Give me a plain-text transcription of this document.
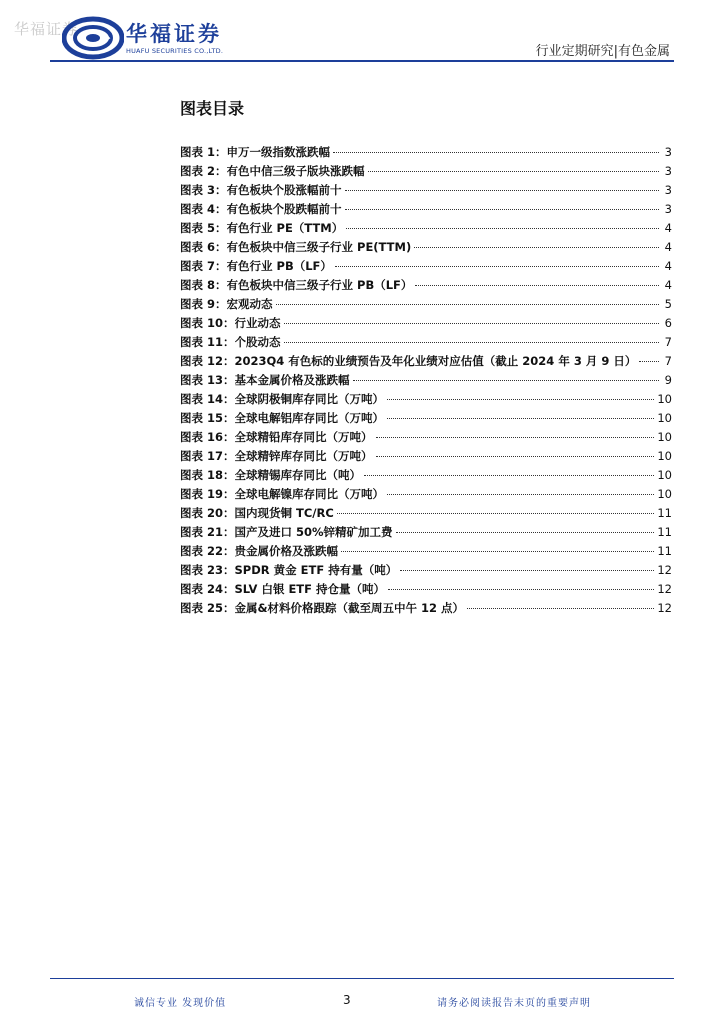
华福证券 华福证券
HUAFU SECURITIES CO.,LTD.	行业定期研究|有色金属
图表目录
图表 1： 申万一级指数涨跌幅	3
图表 2： 有色中信三级子版块涨跌幅	3
图表 3： 有色板块个股涨幅前十	3
图表 4： 有色板块个股跌幅前十	3
图表 5： 有色行业 PE（TTM）	4
图表 6： 有色板块中信三级子行业 PE(TTM)	4
图表 7： 有色行业 PB（LF）	4
图表 8： 有色板块中信三级子行业 PB（LF）	4
图表 9： 宏观动态	5
图表 10： 行业动态	6
图表 11： 个股动态	7
图表 12： 2023Q4 有色标的业绩预告及年化业绩对应估值（截止 2024 年 3 月 9 日） 7
图表 13： 基本金属价格及涨跌幅	9
图表 14： 全球阴极铜库存同比（万吨）	10
图表 15： 全球电解铝库存同比（万吨）	10
图表 16： 全球精铅库存同比（万吨）	10
图表 17： 全球精锌库存同比（万吨）	10
图表 18： 全球精锡库存同比（吨）	10
图表 19： 全球电解镍库存同比（万吨）	10
图表 20： 国内现货铜 TC/RC	11
图表 21： 国产及进口 50%锌精矿加工费	11
图表 22： 贵金属价格及涨跌幅	11
图表 23： SPDR 黄金 ETF 持有量（吨）	12
图表 24： SLV 白银 ETF 持仓量（吨）	12
图表 25： 金属&材料价格跟踪（截至周五中午 12 点）	12
诚信专业 发现价值	3	请务必阅读报告末页的重要声明
